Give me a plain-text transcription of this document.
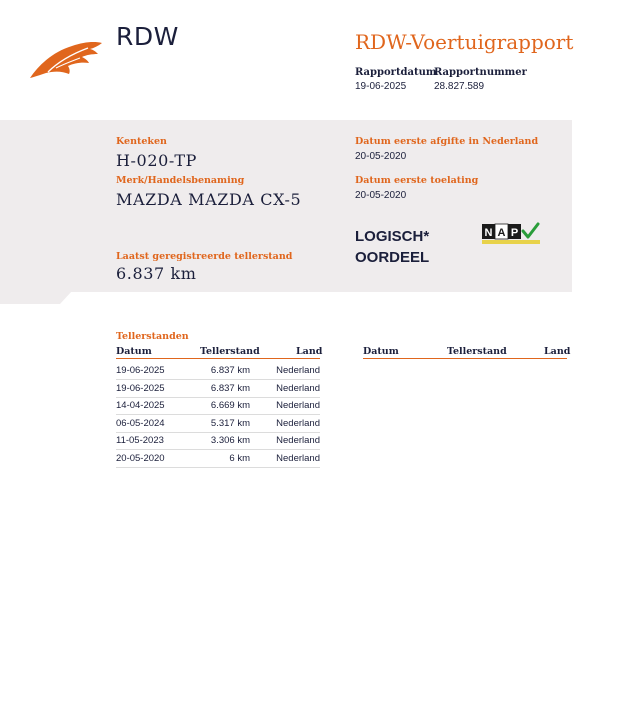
RDW	RDW-Voertuigrapport
Rapportdatum
19-06-2025
Rapportnummer
28.827.589
Kenteken
H-020-TP
Merk/Handelsbenaming
MAZDA MAZDA CX-5
Datum eerste afgifte in Nederland
20-05-2020
Datum eerste toelating
20-05-2020
Laatst geregistreerde tellerstand
6.837 km
LOGISCH*
OORDEEL
N A P
Tellerstanden
Datum	Tellerstand	Land	Datum	Tellerstand	Land
19-06-2025	6.837 km	Nederland
19-06-2025	6.837 km	Nederland
14-04-2025	6.669 km	Nederland
06-05-2024	5.317 km	Nederland
11-05-2023	3.306 km	Nederland
20-05-2020	6 km	Nederland
